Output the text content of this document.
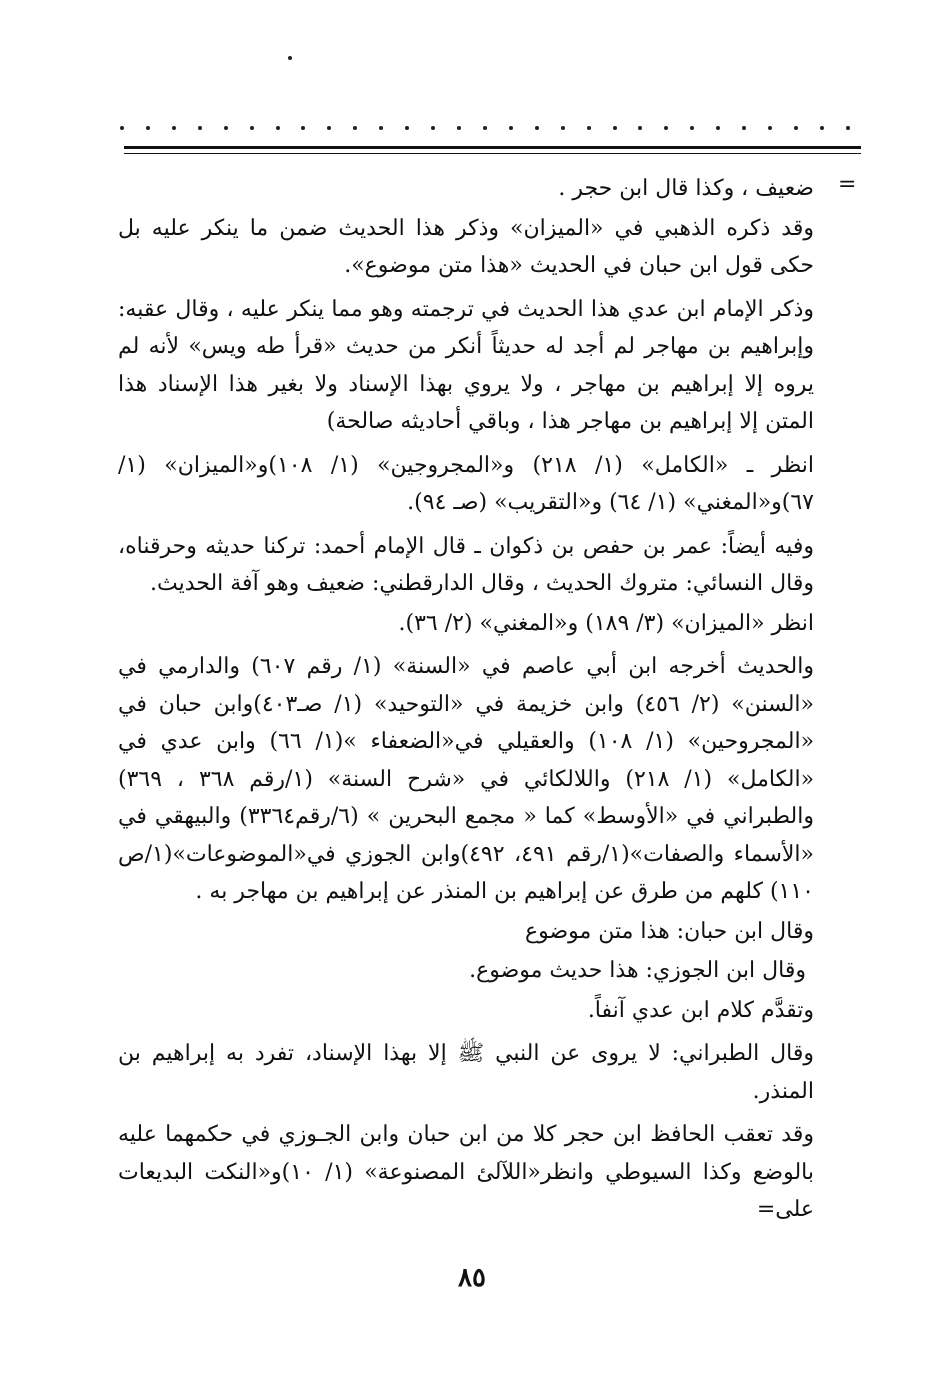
=

ضعيف ، وكذا قال ابن حجر .

وقد ذكره الذهبي في «الميزان» وذكر هذا الحديث ضمن ما ينكر عليه بل حكى قول ابن حبان في الحديث «هذا متن موضوع».

وذكر الإمام ابن عدي هذا الحديث في ترجمته وهو مما ينكر عليه ، وقال عقبه: وإبراهيم بن مهاجر لم أجد له حديثاً أنكر من حديث «قرأ طه ويس» لأنه لم يروه إلا إبراهيم بن مهاجر ، ولا يروي بهذا الإسناد ولا بغير هذا الإسناد هذا المتن إلا إبراهيم بن مهاجر هذا ، وباقي أحاديثه صالحة)

انظر ـ «الكامل» (١/ ٢١٨) و«المجروجين» (١/ ١٠٨)و«الميزان» (١/ ٦٧)و«المغني» (١/ ٦٤) و«التقريب» (صـ ٩٤).

وفيه أيضاً: عمر بن حفص بن ذكوان ـ قال الإمام أحمد: تركنا حديثه وحرقناه، وقال النسائي: متروك الحديث ، وقال الدارقطني: ضعيف وهو آفة الحديث.

انظر «الميزان» (٣/ ١٨٩) و«المغني» (٢/ ٣٦).

والحديث أخرجه ابن أبي عاصم في «السنة» (١/ رقم ٦٠٧) والدارمي في «السنن» (٢/ ٤٥٦) وابن خزيمة في «التوحيد» (١/ صـ٤٠٣)وابن حبان في «المجروحين» (١/ ١٠٨) والعقيلي في«الضعفاء »(١/ ٦٦) وابن عدي في «الكامل» (١/ ٢١٨) واللالكائي في «شرح السنة» (١/رقم ٣٦٨ ، ٣٦٩) والطبراني في «الأوسط» كما « مجمع البحرين » (٦/رقم٣٣٦٤) والبيهقي في «الأسماء والصفات»(١/رقم ٤٩١، ٤٩٢)وابن الجوزي في«الموضوعات»(١/ص ١١٠) كلهم من طرق عن إبراهيم بن المنذر عن إبراهيم بن مهاجر به .

وقال ابن حبان: هذا متن موضوع

وقال ابن الجوزي: هذا حديث موضوع.

وتقدَّم كلام ابن عدي آنفاً.

وقال الطبراني: لا يروى عن النبي ﷺ إلا بهذا الإسناد، تفرد به إبراهيم بن المنذر.

وقد تعقب الحافظ ابن حجر كلا من ابن حبان وابن الجـوزي في حكمهما عليه بالوضع وكذا السيوطي وانظر«اللآلئ المصنوعة» (١/ ١٠)و«النكت البديعات على=

٨٥
